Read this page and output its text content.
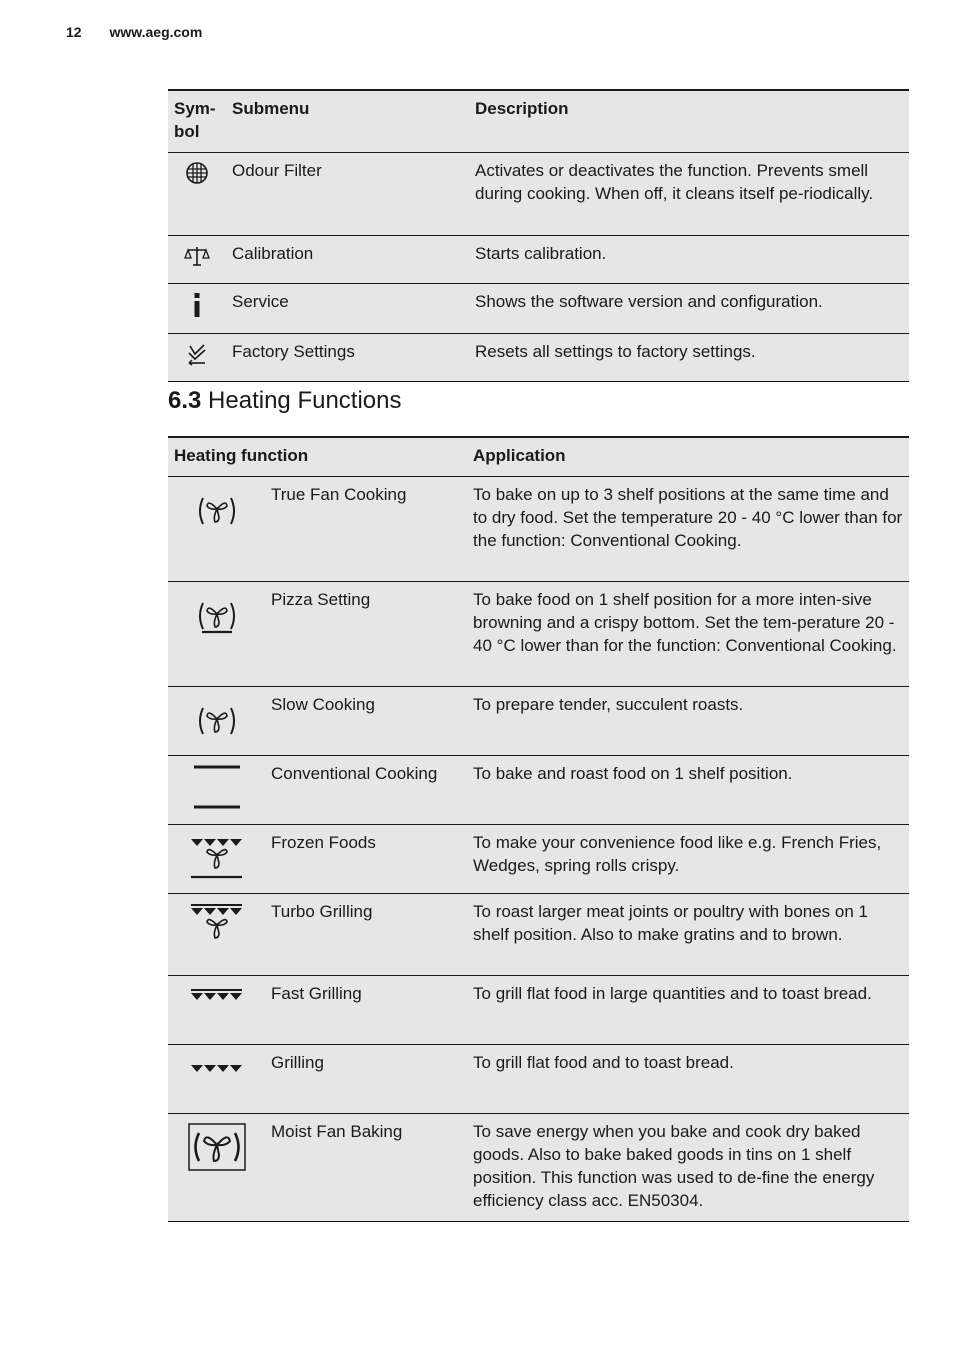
12 www.aeg.com
Sym-
bol	Submenu	Description

	Odour Filter	Activates or deactivates the function. Prevents smell during cooking. When off, it cleans itself pe-riodically.

	Calibration	Starts calibration.

	Service	Shows the software version and configuration.

	Factory Settings	Resets all settings to factory settings.
6.3 Heating Functions
Heating function		Application

	True Fan Cooking	To bake on up to 3 shelf positions at the same time and to dry food. Set the temperature 20 - 40 °C lower than for the function: Conventional Cooking.

	Pizza Setting	To bake food on 1 shelf position for a more inten-sive browning and a crispy bottom. Set the tem-perature 20 - 40 °C lower than for the function: Conventional Cooking.

	Slow Cooking	To prepare tender, succulent roasts.

	Conventional Cooking	To bake and roast food on 1 shelf position.

	Frozen Foods	To make your convenience food like e.g. French Fries, Wedges, spring rolls crispy.

	Turbo Grilling	To roast larger meat joints or poultry with bones on 1 shelf position. Also to make gratins and to brown.

	Fast Grilling	To grill flat food in large quantities and to toast bread.

	Grilling	To grill flat food and to toast bread.

	Moist Fan Baking	To save energy when you bake and cook dry baked goods. Also to bake baked goods in tins on 1 shelf position. This function was used to de-fine the energy efficiency class acc. EN50304.
